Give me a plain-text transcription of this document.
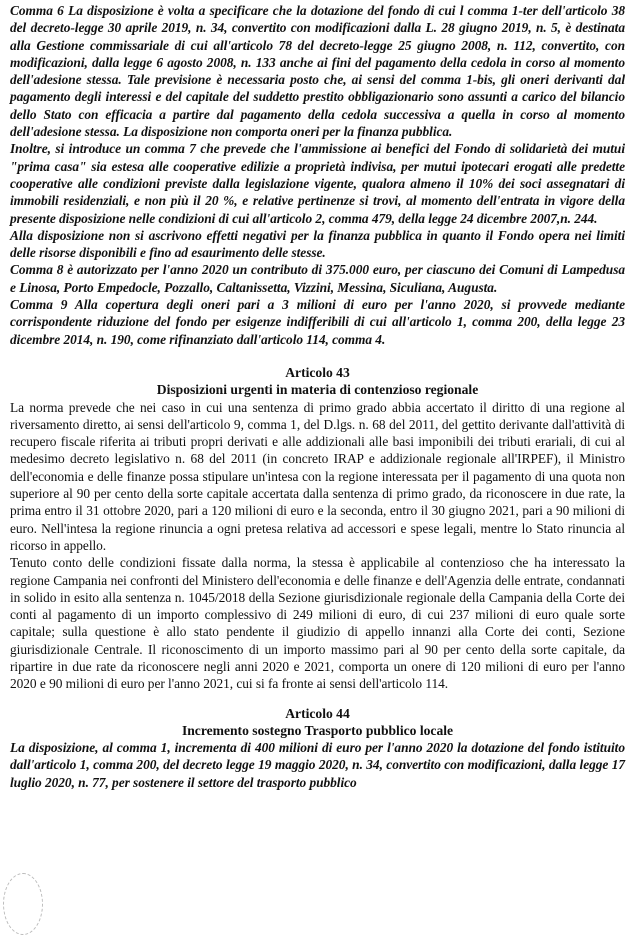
Comma 6 La disposizione è volta a specificare che la dotazione del fondo di cui l comma 1-ter dell'articolo 38 del decreto-legge 30 aprile 2019, n. 34, convertito con modificazioni dalla L. 28 giugno 2019, n. 5, è destinata alla Gestione commissariale di cui all'articolo 78 del decreto-legge 25 giugno 2008, n. 112, convertito, con modificazioni, dalla legge 6 agosto 2008, n. 133 anche ai fini del pagamento della cedola in corso al momento dell'adesione stessa. Tale previsione è necessaria posto che, ai sensi del comma 1-bis, gli oneri derivanti dal pagamento degli interessi e del capitale del suddetto prestito obbligazionario sono assunti a carico del bilancio dello Stato con efficacia a partire dal pagamento della cedola successiva a quella in corso al momento dell'adesione stessa. La disposizione non comporta oneri per la finanza pubblica.

Inoltre, si introduce un comma 7 che prevede che l'ammissione ai benefici del Fondo di solidarietà dei mutui "prima casa" sia estesa alle cooperative edilizie a proprietà indivisa, per mutui ipotecari erogati alle predette cooperative alle condizioni previste dalla legislazione vigente, qualora almeno il 10% dei soci assegnatari di immobili residenziali, e non più il 20 %, e relative pertinenze si trovi, al momento dell'entrata in vigore della presente disposizione nelle condizioni di cui all'articolo 2, comma 479, della legge 24 dicembre 2007,n. 244.

Alla disposizione non si ascrivono effetti negativi per la finanza pubblica in quanto il Fondo opera nei limiti delle risorse disponibili e fino ad esaurimento delle stesse.

Comma 8 è autorizzato per l'anno 2020 un contributo di 375.000 euro, per ciascuno dei Comuni di Lampedusa e Linosa, Porto Empedocle, Pozzallo, Caltanissetta, Vizzini, Messina, Siculiana, Augusta.

Comma 9 Alla copertura degli oneri pari a 3 milioni di euro per l'anno 2020, si provvede mediante corrispondente riduzione del fondo per esigenze indifferibili di cui all'articolo 1, comma 200, della legge 23 dicembre 2014, n. 190, come rifinanziato dall'articolo 114, comma 4.

Articolo 43

Disposizioni urgenti in materia di contenzioso regionale

La norma prevede che nei caso in cui una sentenza di primo grado abbia accertato il diritto di una regione al riversamento diretto, ai sensi dell'articolo 9, comma 1, del D.lgs. n. 68 del 2011, del gettito derivante dall'attività di recupero fiscale riferita ai tributi propri derivati e alle addizionali alle basi imponibili dei tributi erariali, di cui al medesimo decreto legislativo n. 68 del 2011 (in concreto IRAP e addizionale regionale all'IRPEF), il Ministro dell'economia e delle finanze possa stipulare un'intesa con la regione interessata per il pagamento di una quota non superiore al 90 per cento della sorte capitale accertata dalla sentenza di primo grado, da riconoscere in due rate, la prima entro il 31 ottobre 2020, pari a 120 milioni di euro e la seconda, entro il 30 giugno 2021, pari a 90 milioni di euro. Nell'intesa la regione rinuncia a ogni pretesa relativa ad accessori e spese legali, mentre lo Stato rinuncia al ricorso in appello.

Tenuto conto delle condizioni fissate dalla norma, la stessa è applicabile al contenzioso che ha interessato la regione Campania nei confronti del Ministero dell'economia e delle finanze e dell'Agenzia delle entrate, condannati in solido in esito alla sentenza n. 1045/2018 della Sezione giurisdizionale regionale della Campania della Corte dei conti al pagamento di un importo complessivo di 249 milioni di euro, di cui 237 milioni di euro quale sorte capitale; sulla questione è allo stato pendente il giudizio di appello innanzi alla Corte dei conti, Sezione giurisdizionale Centrale. Il riconoscimento di un importo massimo pari al 90 per cento della sorte capitale, da ripartire in due rate da riconoscere negli anni 2020 e 2021, comporta un onere di 120 milioni di euro per l'anno 2020 e 90 milioni di euro per l'anno 2021, cui si fa fronte ai sensi dell'articolo 114.

Articolo 44

Incremento sostegno Trasporto pubblico locale

La disposizione, al comma 1, incrementa di 400 milioni di euro per l'anno 2020 la dotazione del fondo istituito dall'articolo 1, comma 200, del decreto legge 19 maggio 2020, n. 34, convertito con modificazioni, dalla legge 17 luglio 2020, n. 77, per sostenere il settore del trasporto pubblico
